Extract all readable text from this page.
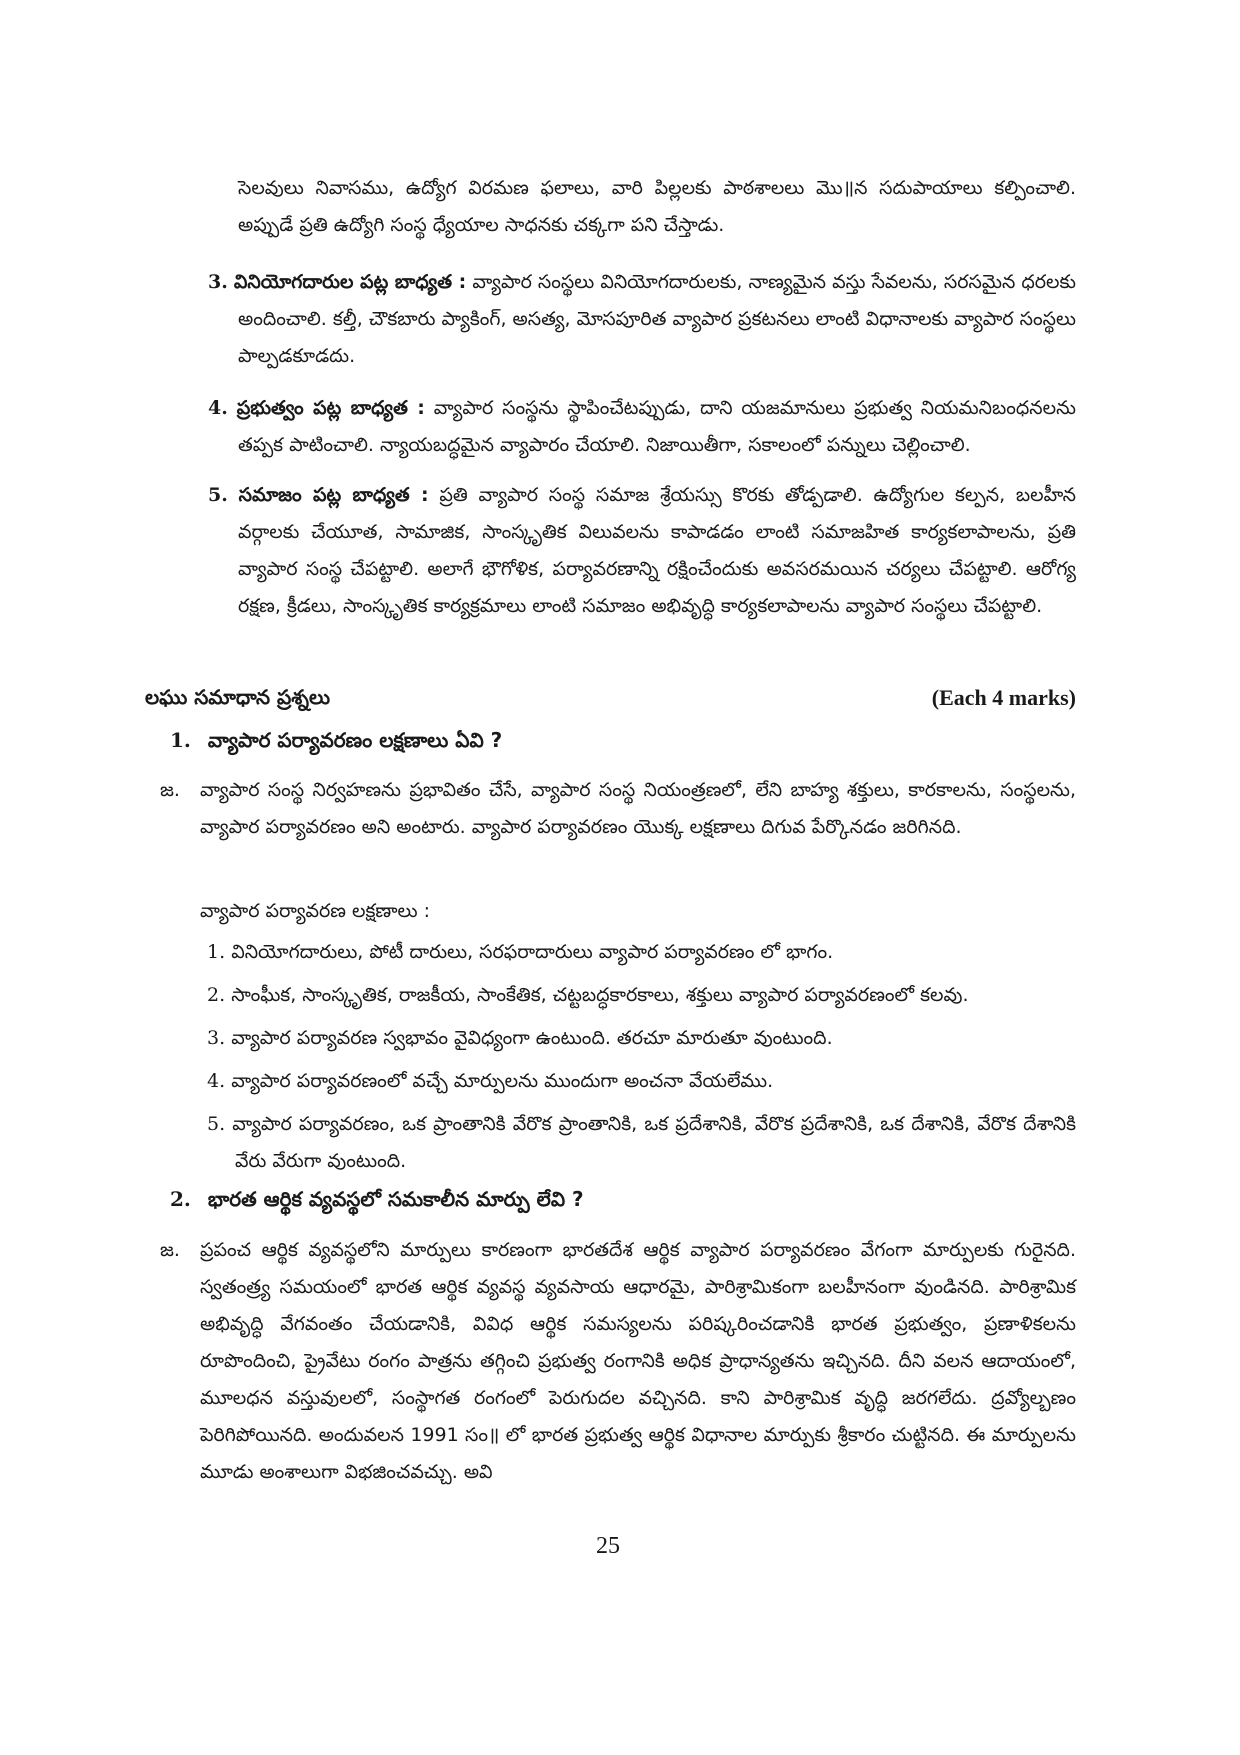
సెలవులు నివాసము, ఉద్యోగ విరమణ ఫలాలు, వారి పిల్లలకు పాఠశాలలు మొ॥న సదుపాయాలు కల్పించాలి. అప్పుడే ప్రతి ఉద్యోగి సంస్థ ధ్యేయాల సాధనకు చక్కగా పని చేస్తాడు.

3. వినియోగదారుల పట్ల బాధ్యత : వ్యాపార సంస్థలు వినియోగదారులకు, నాణ్యమైన వస్తు సేవలను, సరసమైన ధరలకు అందించాలి. కల్తీ, చౌకబారు ప్యాకింగ్, అసత్య, మోసపూరిత వ్యాపార ప్రకటనలు లాంటి విధానాలకు వ్యాపార సంస్థలు పాల్పడకూడదు.

4. ప్రభుత్వం పట్ల బాధ్యత : వ్యాపార సంస్థను స్థాపించేటప్పుడు, దాని యజమానులు ప్రభుత్వ నియమనిబంధనలను తప్పక పాటించాలి. న్యాయబద్ధమైన వ్యాపారం చేయాలి. నిజాయితీగా, సకాలంలో పన్నులు చెల్లించాలి.

5. సమాజం పట్ల బాధ్యత : ప్రతి వ్యాపార సంస్థ సమాజ శ్రేయస్సు కొరకు తోడ్పడాలి. ఉద్యోగుల కల్పన, బలహీన వర్గాలకు చేయూత, సామాజిక, సాంస్కృతిక విలువలను కాపాడడం లాంటి సమాజహిత కార్యకలాపాలను, ప్రతి వ్యాపార సంస్థ చేపట్టాలి. అలాగే భౌగోళిక, పర్యావరణాన్ని రక్షించేందుకు అవసరమయిన చర్యలు చేపట్టాలి. ఆరోగ్య రక్షణ, క్రీడలు, సాంస్కృతిక కార్యక్రమాలు లాంటి సమాజం అభివృద్ధి కార్యకలాపాలను వ్యాపార సంస్థలు చేపట్టాలి.

లఘు సమాధాన ప్రశ్నలు	(Each 4 marks)
1. వ్యాపార పర్యావరణం లక్షణాలు ఏవి ?
జ. వ్యాపార సంస్థ నిర్వహణను ప్రభావితం చేసే, వ్యాపార సంస్థ నియంత్రణలో, లేని బాహ్య శక్తులు, కారకాలను, సంస్థలను, వ్యాపార పర్యావరణం అని అంటారు. వ్యాపార పర్యావరణం యొక్క లక్షణాలు దిగువ పేర్కొనడం జరిగినది.

వ్యాపార పర్యావరణ లక్షణాలు :
1. వినియోగదారులు, పోటీ దారులు, సరఫరాదారులు వ్యాపార పర్యావరణం లో భాగం.
2. సాంఘీక, సాంస్కృతిక, రాజకీయ, సాంకేతిక, చట్టబద్ధకారకాలు, శక్తులు వ్యాపార పర్యావరణంలో కలవు.
3. వ్యాపార పర్యావరణ స్వభావం వైవిధ్యంగా ఉంటుంది. తరచూ మారుతూ వుంటుంది.
4. వ్యాపార పర్యావరణంలో వచ్చే మార్పులను ముందుగా అంచనా వేయలేము.
5. వ్యాపార పర్యావరణం, ఒక ప్రాంతానికి వేరొక ప్రాంతానికి, ఒక ప్రదేశానికి, వేరొక ప్రదేశానికి, ఒక దేశానికి, వేరొక దేశానికి వేరు వేరుగా వుంటుంది.
2. భారత ఆర్థిక వ్యవస్థలో సమకాలీన మార్పు లేవి ?
జ. ప్రపంచ ఆర్థిక వ్యవస్థలోని మార్పులు కారణంగా భారతదేశ ఆర్థిక వ్యాపార పర్యావరణం వేగంగా మార్పులకు గురైనది. స్వతంత్ర్య సమయంలో భారత ఆర్థిక వ్యవస్థ వ్యవసాయ ఆధారమై, పారిశ్రామికంగా బలహీనంగా వుండినది. పారిశ్రామిక అభివృద్ధి వేగవంతం చేయడానికి, వివిధ ఆర్థిక సమస్యలను పరిష్కరించడానికి భారత ప్రభుత్వం, ప్రణాళికలను రూపొందించి, ప్రైవేటు రంగం పాత్రను తగ్గించి ప్రభుత్వ రంగానికి అధిక ప్రాధాన్యతను ఇచ్చినది. దీని వలన ఆదాయంలో, మూలధన వస్తువులలో, సంస్థాగత రంగంలో పెరుగుదల వచ్చినది. కాని పారిశ్రామిక వృద్ధి జరగలేదు. ద్రవ్యోల్బణం పెరిగిపోయినది. అందువలన 1991 సం॥ లో భారత ప్రభుత్వ ఆర్థిక విధానాల మార్పుకు శ్రీకారం చుట్టినది. ఈ మార్పులను మూడు అంశాలుగా విభజించవచ్చు. అవి

25
